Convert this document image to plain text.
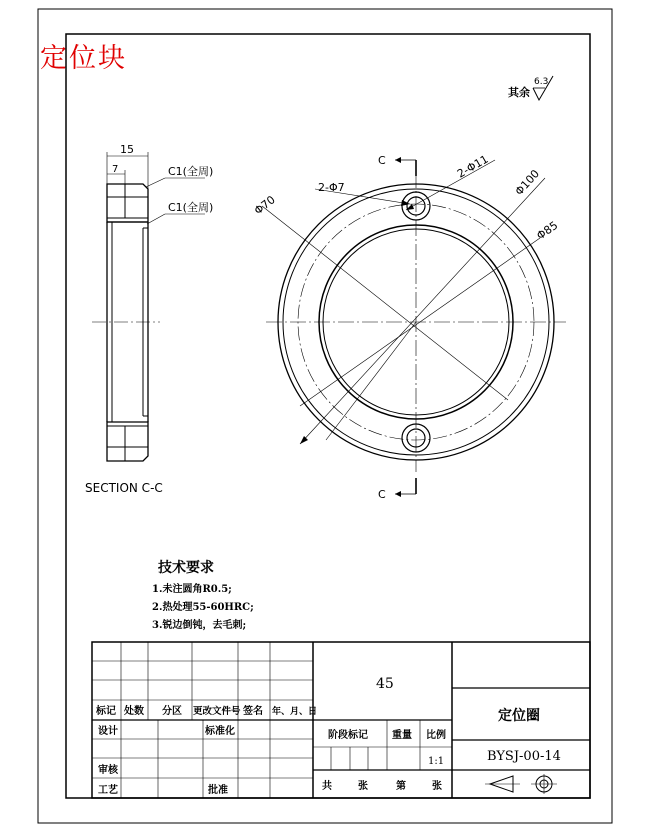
定位块
其余
6.3
15
7	C1(全周)
C1(全周)
SECTION C-C
C
C
2-Φ7
2-Φ11
Φ100
Φ85
Φ70
技术要求
1.未注圆角R0.5;
2.热处理55-60HRC;
3.锐边倒钝，去毛刺;
标记 处数 分区 更改文件号 签名 年、月、日
设计	标准化
审核
工艺	批准
45
阶段标记 重量 比例
1:1
共	张	第	张
定位圈
BYSJ-00-14
